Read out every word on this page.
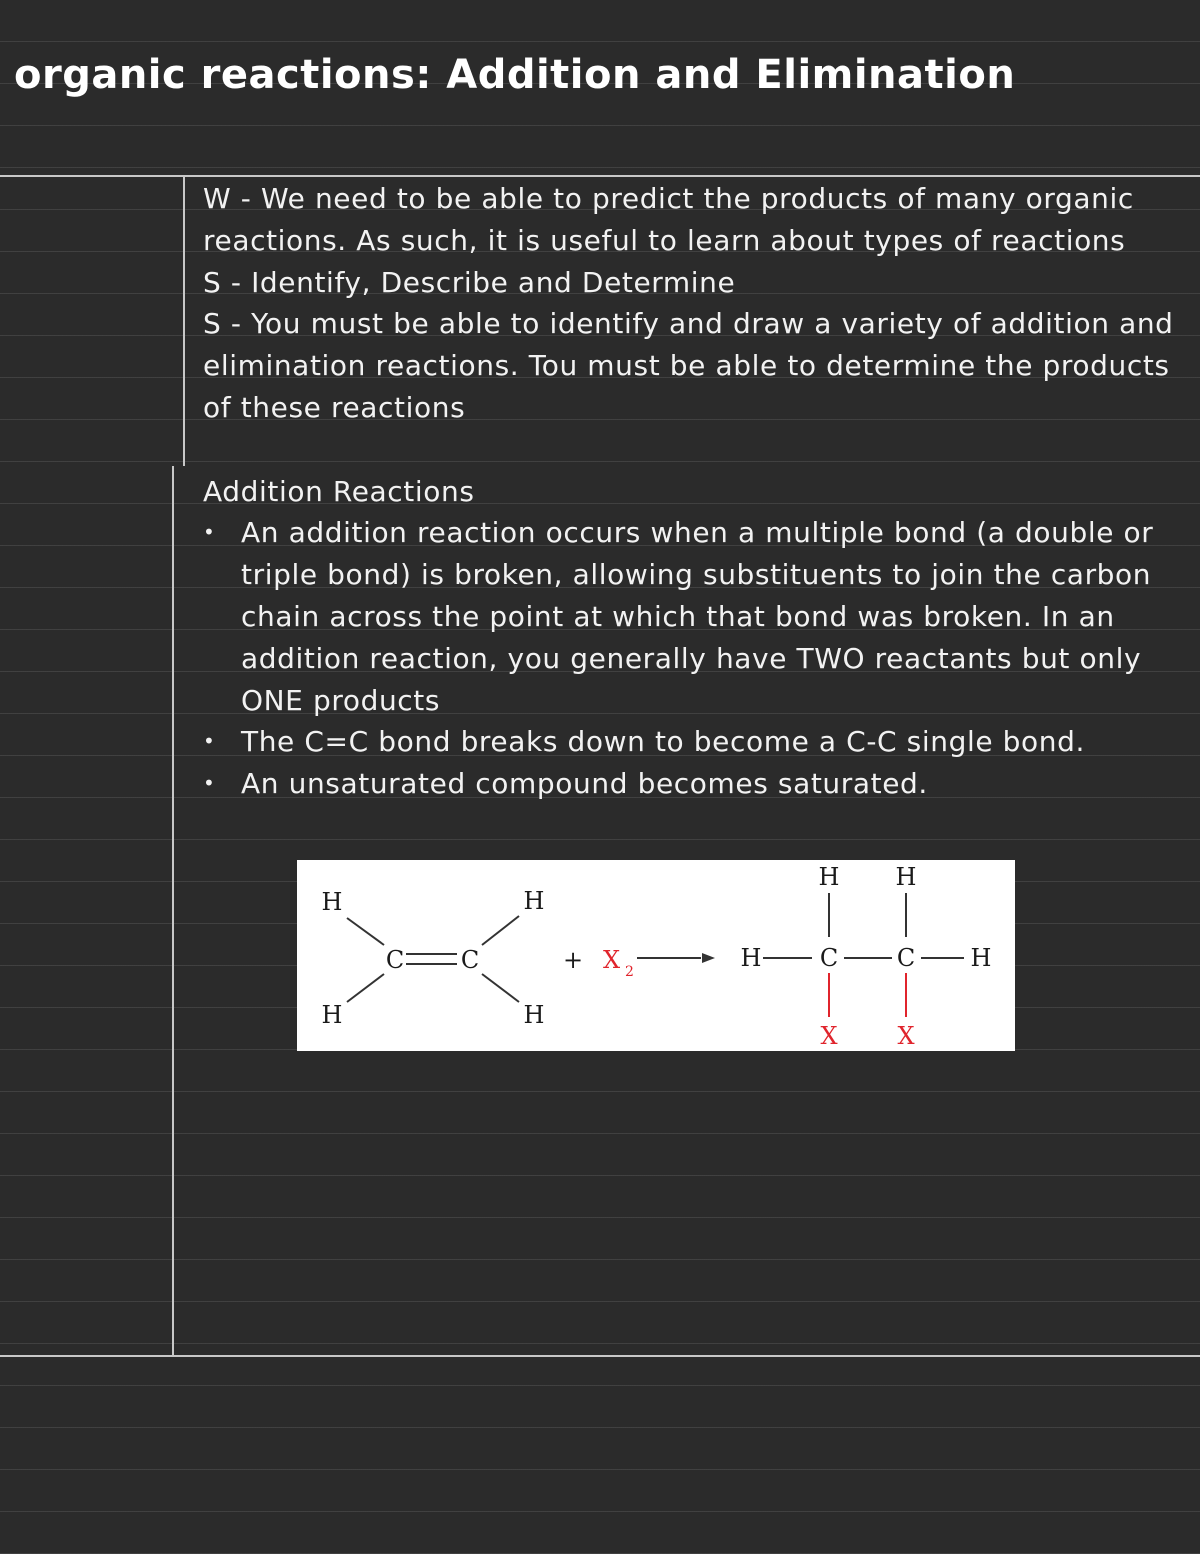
organic reactions: Addition and Elimination

W - We need to be able to predict the products of many organic reactions. As such, it is useful to learn about types of reactions

S - Identify, Describe and Determine

S - You must be able to identify and draw a variety of addition and elimination reactions. Tou must be able to determine the products of these reactions

Addition Reactions

• An addition reaction occurs when a multiple bond (a double or triple bond) is broken, allowing substituents to join the carbon chain across the point at which that bond was broken. In an addition reaction, you generally have TWO reactants but only ONE products
• The C=C bond breaks down to become a C-C single bond.
• An unsaturated compound becomes saturated.
H
H
H
H
C C	+ X 2	H C C H
H H
X X
